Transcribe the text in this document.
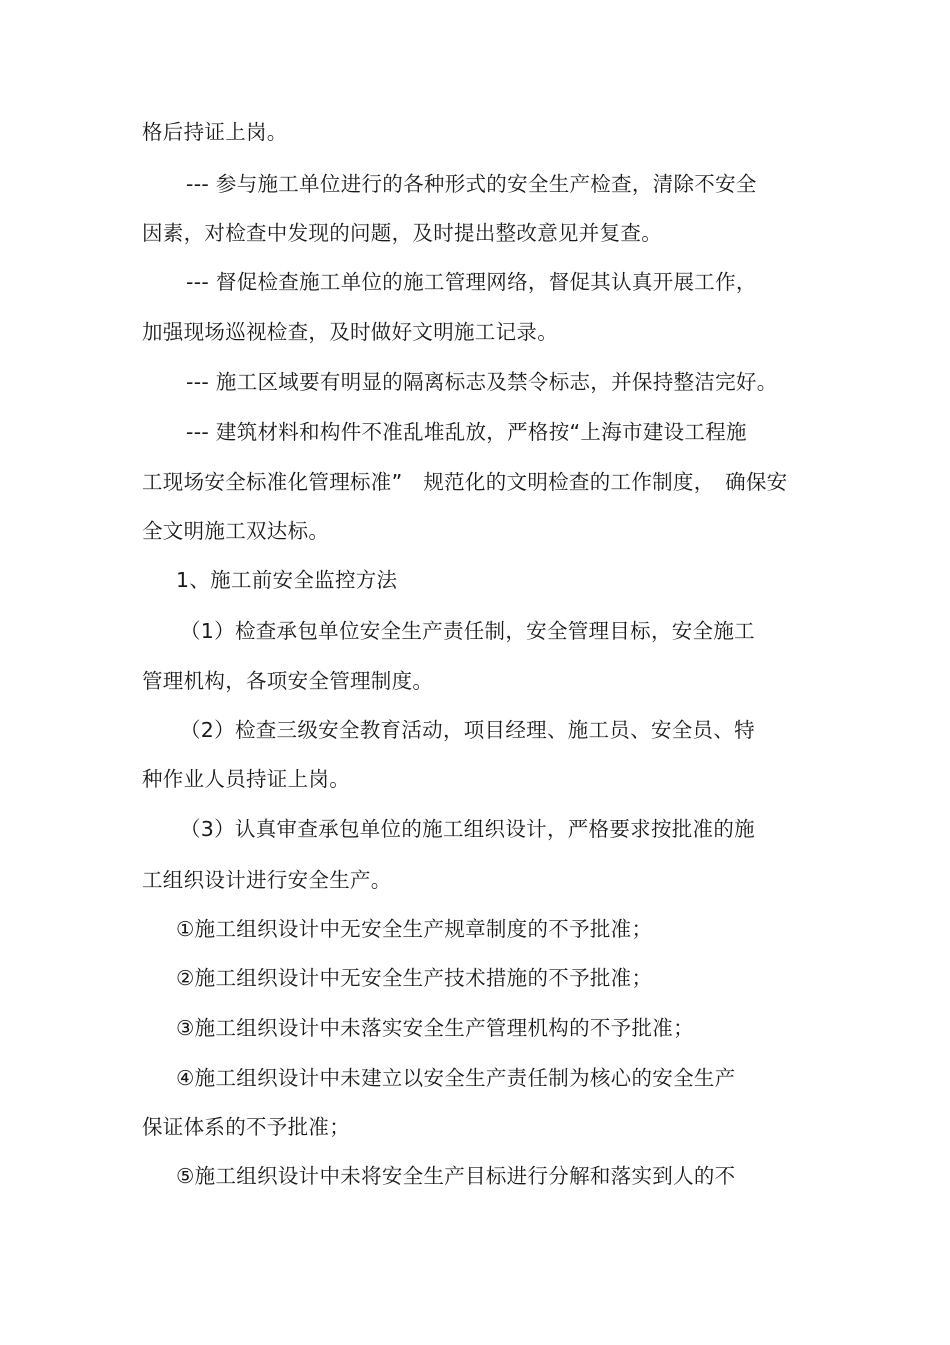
格后持证上岗。
--- 参与施工单位进行的各种形式的安全生产检查，清除不安全
因素，对检查中发现的问题，及时提出整改意见并复查。
--- 督促检查施工单位的施工管理网络，督促其认真开展工作，
加强现场巡视检查，及时做好文明施工记录。
--- 施工区域要有明显的隔离标志及禁令标志，并保持整洁完好。
--- 建筑材料和构件不准乱堆乱放，严格按“上海市建设工程施
工现场安全标准化管理标准”　规范化的文明检查的工作制度，　确保安
全文明施工双达标。
1、施工前安全监控方法
（1）检查承包单位安全生产责任制，安全管理目标，安全施工
管理机构，各项安全管理制度。
（2）检查三级安全教育活动，项目经理、施工员、安全员、特
种作业人员持证上岗。
（3）认真审查承包单位的施工组织设计，严格要求按批准的施
工组织设计进行安全生产。
①施工组织设计中无安全生产规章制度的不予批准；
②施工组织设计中无安全生产技术措施的不予批准；
③施工组织设计中未落实安全生产管理机构的不予批准；
④施工组织设计中未建立以安全生产责任制为核心的安全生产
保证体系的不予批准；
⑤施工组织设计中未将安全生产目标进行分解和落实到人的不
